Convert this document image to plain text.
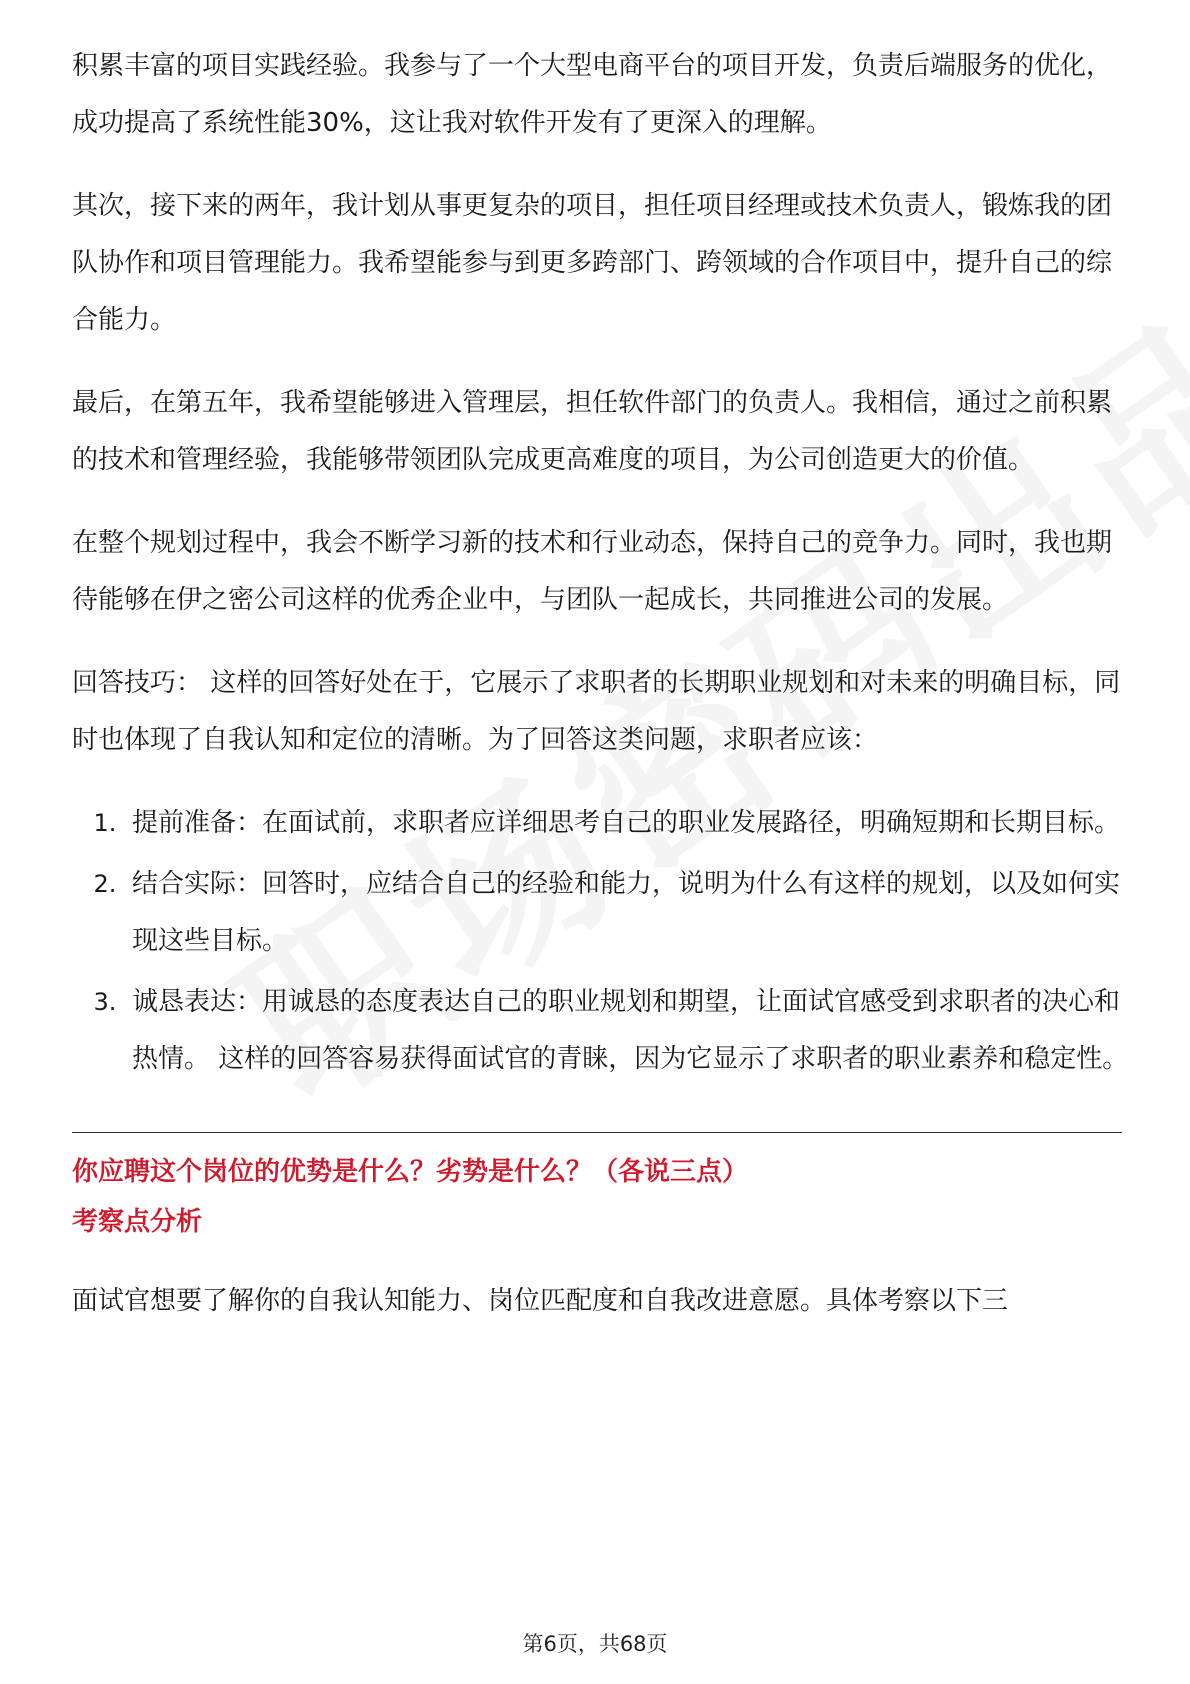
积累丰富的项目实践经验。我参与了一个大型电商平台的项目开发，负责后端服务的优化，成功提高了系统性能30%，这让我对软件开发有了更深入的理解。

其次，接下来的两年，我计划从事更复杂的项目，担任项目经理或技术负责人，锻炼我的团队协作和项目管理能力。我希望能参与到更多跨部门、跨领域的合作项目中，提升自己的综合能力。

最后，在第五年，我希望能够进入管理层，担任软件部门的负责人。我相信，通过之前积累的技术和管理经验，我能够带领团队完成更高难度的项目，为公司创造更大的价值。

在整个规划过程中，我会不断学习新的技术和行业动态，保持自己的竞争力。同时，我也期待能够在伊之密公司这样的优秀企业中，与团队一起成长，共同推进公司的发展。

回答技巧： 这样的回答好处在于，它展示了求职者的长期职业规划和对未来的明确目标，同时也体现了自我认知和定位的清晰。为了回答这类问题，求职者应该：

1. 提前准备：在面试前，求职者应详细思考自己的职业发展路径，明确短期和长期目标。
2. 结合实际：回答时，应结合自己的经验和能力，说明为什么有这样的规划，以及如何实现这些目标。
3. 诚恳表达：用诚恳的态度表达自己的职业规划和期望，让面试官感受到求职者的决心和热情。 这样的回答容易获得面试官的青睐，因为它显示了求职者的职业素养和稳定性。

你应聘这个岗位的优势是什么？劣势是什么？（各说三点）

考察点分析

面试官想要了解你的自我认知能力、岗位匹配度和自我改进意愿。具体考察以下三

第6页，共68页
